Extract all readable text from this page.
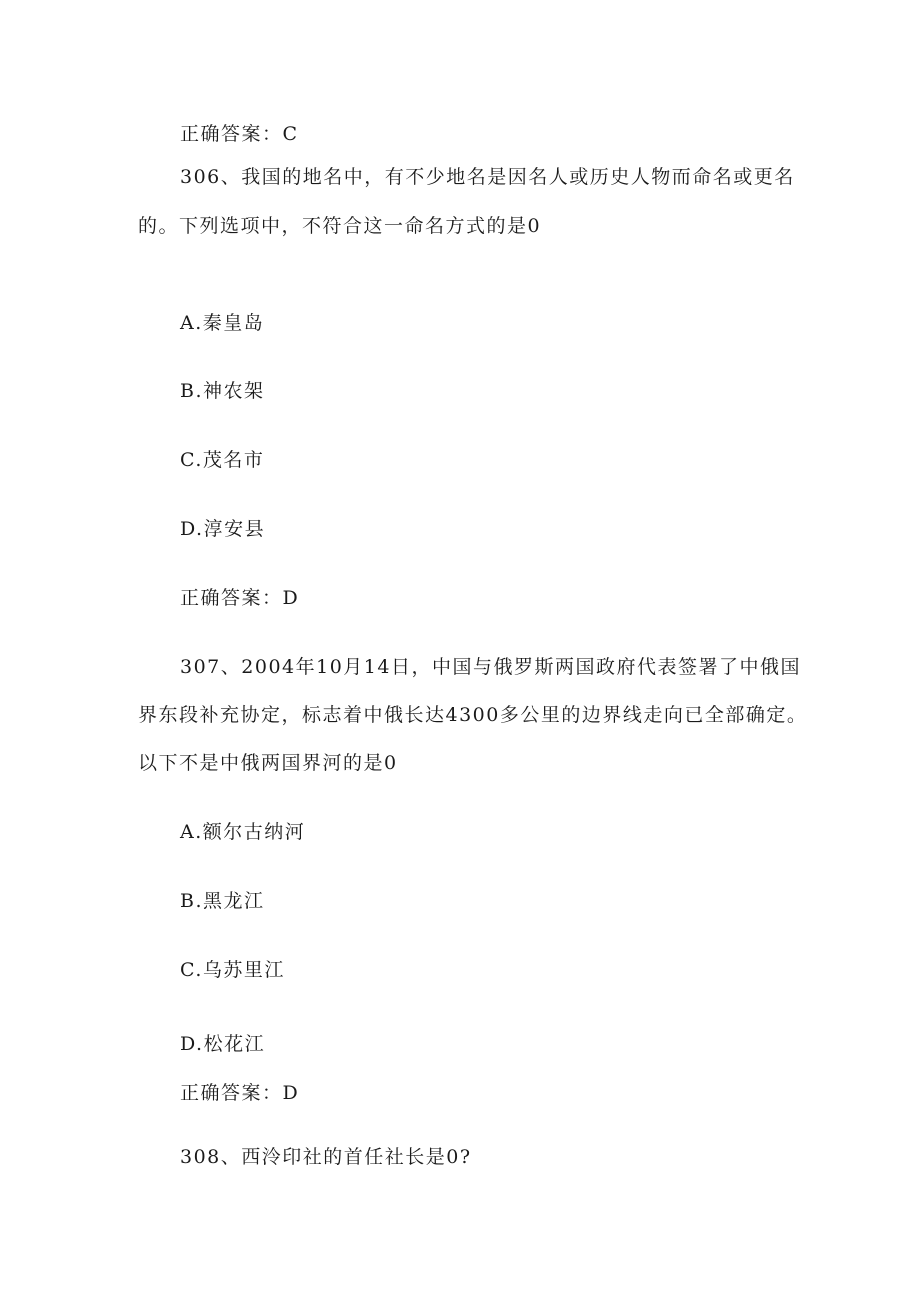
正确答案：C
306、我国的地名中，有不少地名是因名人或历史人物而命名或更名
的。下列选项中，不符合这一命名方式的是0
A.秦皇岛
B.神农架
C.茂名市
D.淳安县
正确答案：D
307、2004年10月14日，中国与俄罗斯两国政府代表签署了中俄国
界东段补充协定，标志着中俄长达4300多公里的边界线走向已全部确定。
以下不是中俄两国界河的是0
A.额尔古纳河
B.黑龙江
C.乌苏里江
D.松花江
正确答案：D
308、西泠印社的首任社长是0?
